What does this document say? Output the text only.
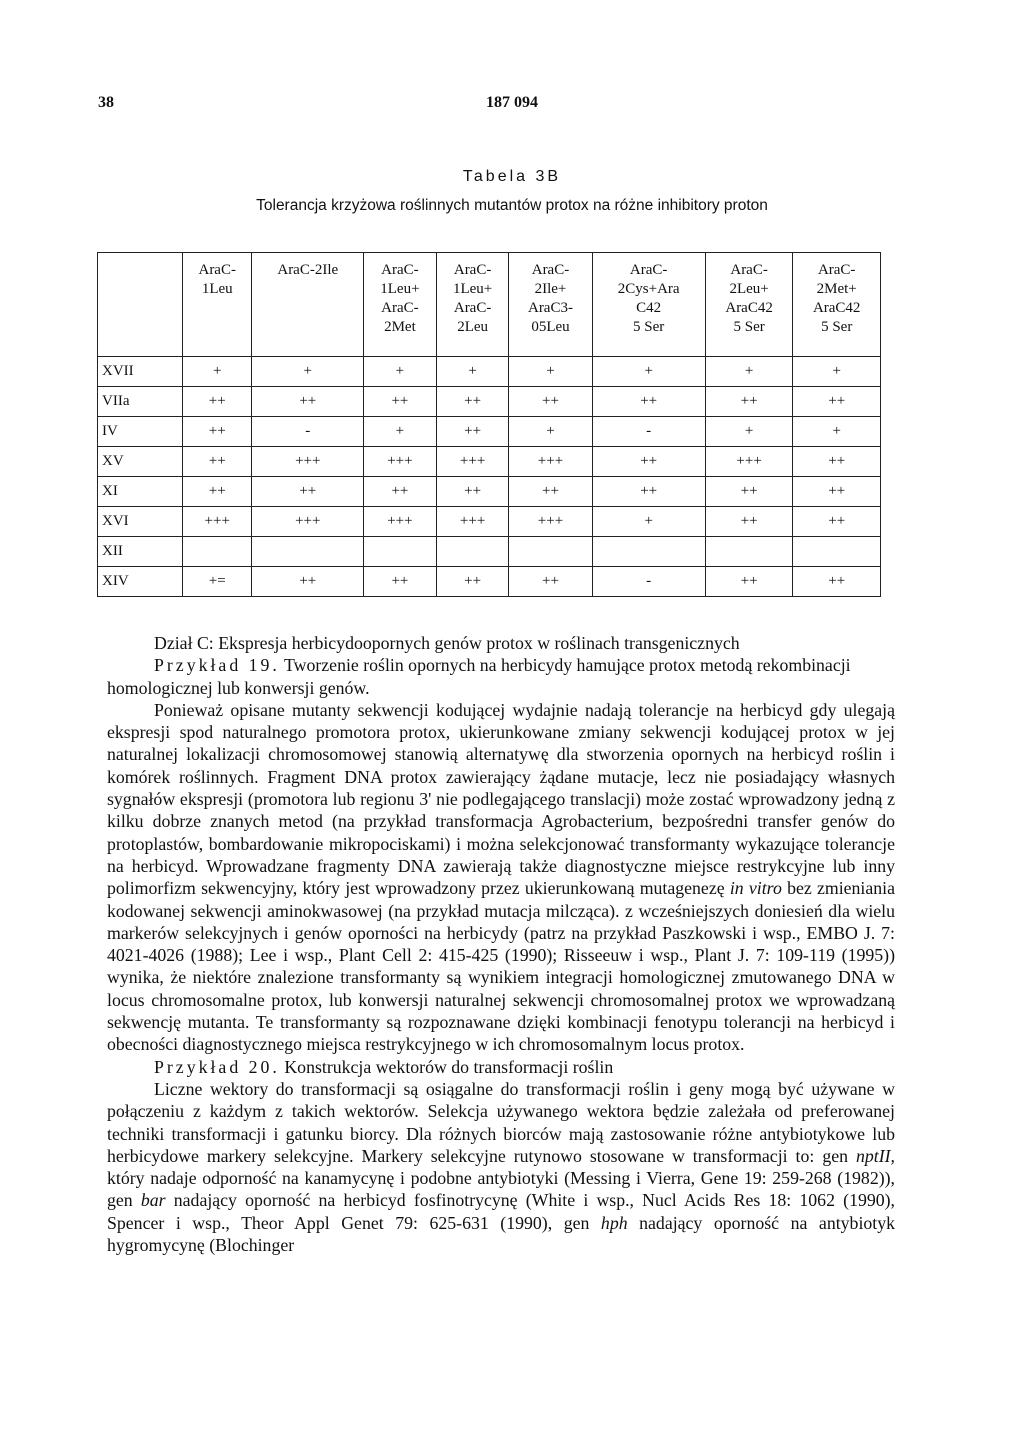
38	187 094
Tabela 3B
Tolerancja krzyżowa roślinnych mutantów protox na różne inhibitory proton

	AraC-
1Leu	AraC-2Ile	AraC-
1Leu+
AraC-
2Met	AraC-
1Leu+
AraC-
2Leu	AraC-
2Ile+
AraC3-
05Leu	AraC-
2Cys+Ara
C42
5 Ser	AraC-
2Leu+
AraC42
5 Ser	AraC-
2Met+
AraC42
5 Ser

XVII	+	+	+	+	+	+	+	+
VIIa	++	++	++	++	++	++	++	++
IV	++	-	+	++	+	-	+	+
XV	++	+++	+++	+++	+++	++	+++	++
XI	++	++	++	++	++	++	++	++
XVI	+++	+++	+++	+++	+++	+	++	++
XII								
XIV	+=	++	++	++	++	-	++	++

Dział C: Ekspresja herbicydoopornych genów protox w roślinach transgenicznych

Przykład 19. Tworzenie roślin opornych na herbicydy hamujące protox metodą rekombinacji homologicznej lub konwersji genów.

Ponieważ opisane mutanty sekwencji kodującej wydajnie nadają tolerancje na herbicyd gdy ulegają ekspresji spod naturalnego promotora protox, ukierunkowane zmiany sekwencji kodującej protox w jej naturalnej lokalizacji chromosomowej stanowią alternatywę dla stworzenia opornych na herbicyd roślin i komórek roślinnych. Fragment DNA protox zawierający żądane mutacje, lecz nie posiadający własnych sygnałów ekspresji (promotora lub regionu 3' nie podlegającego translacji) może zostać wprowadzony jedną z kilku dobrze znanych metod (na przykład transformacja Agrobacterium, bezpośredni transfer genów do protoplastów, bombardowanie mikropociskami) i można selekcjonować transformanty wykazujące tolerancje na herbicyd. Wprowadzane fragmenty DNA zawierają także diagnostyczne miejsce restrykcyjne lub inny polimorfizm sekwencyjny, który jest wprowadzony przez ukierunkowaną mutagenezę in vitro bez zmieniania kodowanej sekwencji aminokwasowej (na przykład mutacja milcząca). z wcześniejszych doniesień dla wielu markerów selekcyjnych i genów oporności na herbicydy (patrz na przykład Paszkowski i wsp., EMBO J. 7: 4021-4026 (1988); Lee i wsp., Plant Cell 2: 415-425 (1990); Risseeuw i wsp., Plant J. 7: 109-119 (1995)) wynika, że niektóre znalezione transformanty są wynikiem integracji homologicznej zmutowanego DNA w locus chromosomalne protox, lub konwersji naturalnej sekwencji chromosomalnej protox we wprowadzaną sekwencję mutanta. Te transformanty są rozpoznawane dzięki kombinacji fenotypu tolerancji na herbicyd i obecności diagnostycznego miejsca restrykcyjnego w ich chromosomalnym locus protox.

Przykład 20. Konstrukcja wektorów do transformacji roślin

Liczne wektory do transformacji są osiągalne do transformacji roślin i geny mogą być używane w połączeniu z każdym z takich wektorów. Selekcja używanego wektora będzie zależała od preferowanej techniki transformacji i gatunku biorcy. Dla różnych biorców mają zastosowanie różne antybiotykowe lub herbicydowe markery selekcyjne. Markery selekcyjne rutynowo stosowane w transformacji to: gen nptII, który nadaje odporność na kanamycynę i podobne antybiotyki (Messing i Vierra, Gene 19: 259-268 (1982)), gen bar nadający oporność na herbicyd fosfinotrycynę (White i wsp., Nucl Acids Res 18: 1062 (1990), Spencer i wsp., Theor Appl Genet 79: 625-631 (1990), gen hph nadający oporność na antybiotyk hygromycynę (Blochinger
